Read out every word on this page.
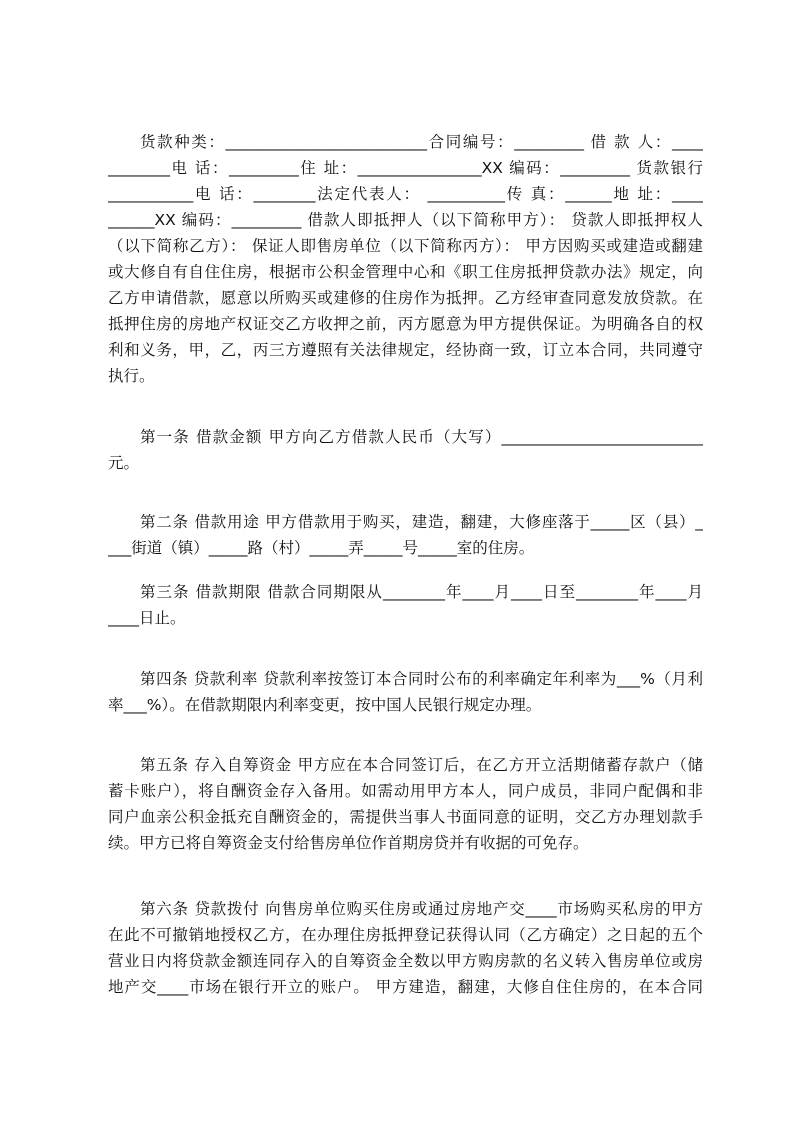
货款种类：__________________________合同编号：_________ 借 款 人：____
________电 话：_________住 址：________________XX 编码：_________ 货款银行
___________电 话：________法定代表人： __________传 真：______地 址：____
______XX 编码：_________ 借款人即抵押人（以下简称甲方）： 贷款人即抵押权人
（以下简称乙方）： 保证人即售房单位（以下简称丙方）： 甲方因购买或建造或翻建
或大修自有自住住房，根据市公积金管理中心和《职工住房抵押贷款办法》规定，向
乙方申请借款，愿意以所购买或建修的住房作为抵押。乙方经审查同意发放贷款。在
抵押住房的房地产权证交乙方收押之前，丙方愿意为甲方提供保证。为明确各自的权
利和义务，甲，乙，丙三方遵照有关法律规定，经协商一致，订立本合同，共同遵守
执行。
第一条 借款金额 甲方向乙方借款人民币（大写）__________________________
元。
第二条 借款用途 甲方借款用于购买，建造，翻建，大修座落于_____区（县）_
___街道（镇）_____路（村）_____弄_____号_____室的住房。
第三条 借款期限 借款合同期限从________年____月____日至________年____月
____日止。
第四条 贷款利率 贷款利率按签订本合同时公布的利率确定年利率为___%（月利
率___%）。在借款期限内利率变更，按中国人民银行规定办理。
第五条 存入自筹资金 甲方应在本合同签订后，在乙方开立活期储蓄存款户（储
蓄卡账户），将自酬资金存入备用。如需动用甲方本人，同户成员，非同户配偶和非
同户血亲公积金抵充自酬资金的，需提供当事人书面同意的证明，交乙方办理划款手
续。甲方已将自筹资金支付给售房单位作首期房贷并有收据的可免存。
第六条 贷款拨付 向售房单位购买住房或通过房地产交____市场购买私房的甲方
在此不可撤销地授权乙方，在办理住房抵押登记获得认同（乙方确定）之日起的五个
营业日内将贷款金额连同存入的自筹资金全数以甲方购房款的名义转入售房单位或房
地产交____市场在银行开立的账户。 甲方建造，翻建，大修自住住房的，在本合同
